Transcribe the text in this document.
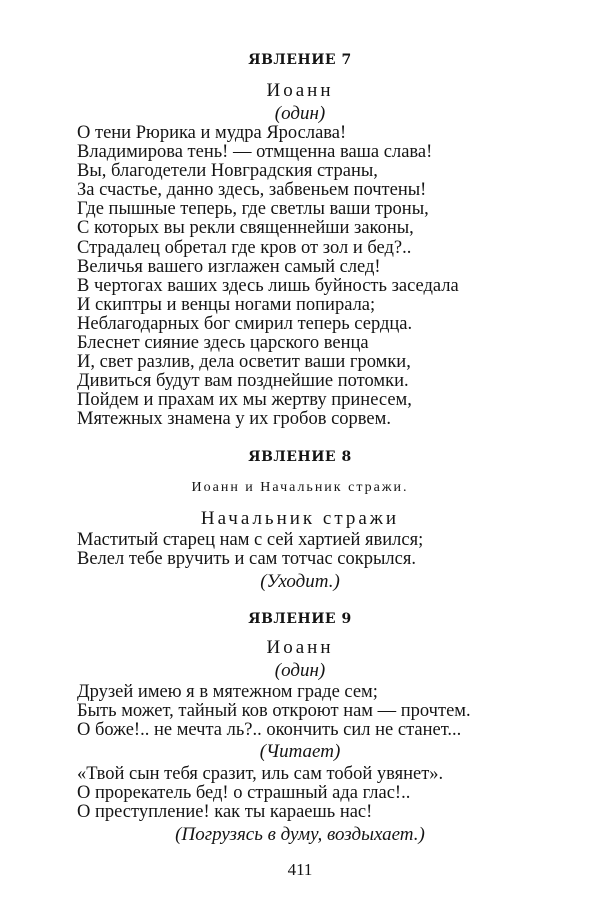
ЯВЛЕНИЕ 7
Иоанн
(один)
О тени Рюрика и мудра Ярослава!
Владимирова тень! — отмщенна ваша слава!
Вы, благодетели Новградския страны,
За счастье, данно здесь, забвеньем почтены!
Где пышные теперь, где светлы ваши троны,
С которых вы рекли священнейши законы,
Страдалец обретал где кров от зол и бед?..
Величья вашего изглажен самый след!
В чертогах ваших здесь лишь буйность заседала
И скиптры и венцы ногами попирала;
Неблагодарных бог смирил теперь сердца.
Блеснет сияние здесь царского венца
И, свет разлив, дела осветит ваши громки,
Дивиться будут вам позднейшие потомки.
Пойдем и прахам их мы жертву принесем,
Мятежных знамена у их гробов сорвем.
ЯВЛЕНИЕ 8
Иоанн и Начальник стражи.
Начальник стражи
Маститый старец нам с сей хартией явился;
Велел тебе вручить и сам тотчас сокрылся.
(Уходит.)
ЯВЛЕНИЕ 9
Иоанн
(один)
Друзей имею я в мятежном граде сем;
Быть может, тайный ков откроют нам — прочтем.
О боже!.. не мечта ль?.. окончить сил не станет...
(Читает)
«Твой сын тебя сразит, иль сам тобой увянет».
О прорекатель бед! о страшный ада глас!..
О преступление! как ты караешь нас!
(Погрузясь в думу, воздыхает.)
411
